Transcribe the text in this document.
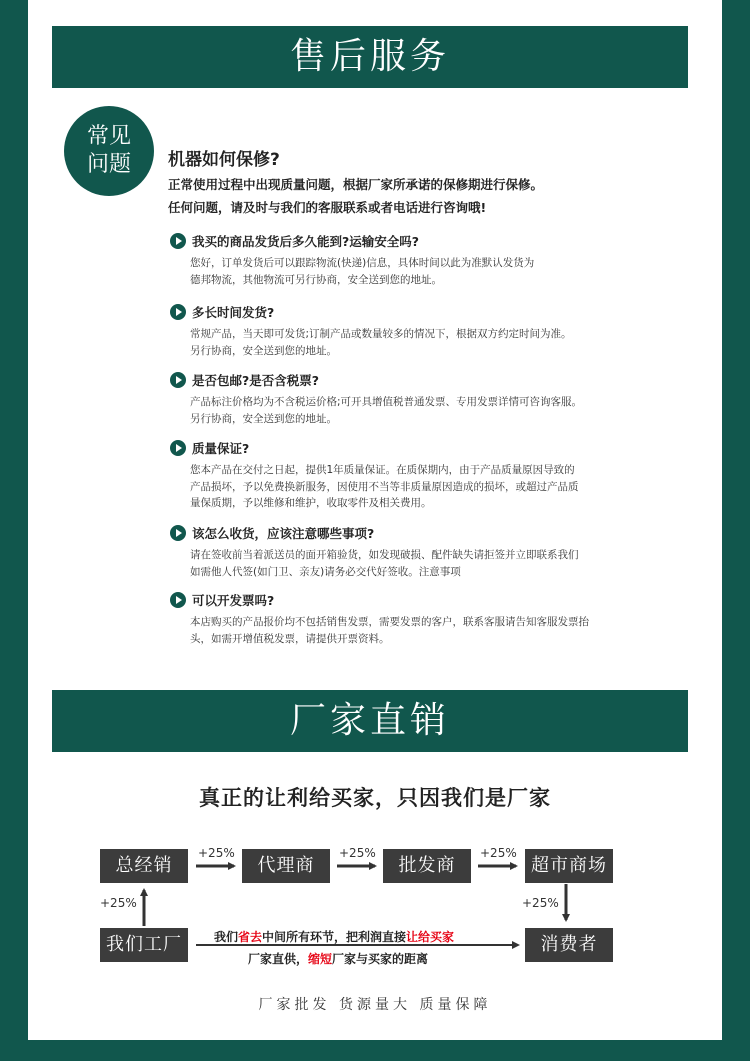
售后服务
常见
问题 机器如何保修?
正常使用过程中出现质量问题，根据厂家所承诺的保修期进行保修。
任何问题，请及时与我们的客服联系或者电话进行咨询哦!
我买的商品发货后多久能到?运输安全吗?
您好，订单发货后可以跟踪物流(快递)信息，具体时间以此为准默认发货为
德邦物流，其他物流可另行协商，安全送到您的地址。
多长时间发货?
常规产品，当天即可发货;订制产品或数量较多的情况下，根据双方约定时间为准。
另行协商，安全送到您的地址。
是否包邮?是否含税票?
产品标注价格均为不含税运价格;可开具增值税普通发票、专用发票详情可咨询客服。
另行协商，安全送到您的地址。
质量保证?
您本产品在交付之日起，提供1年质量保证。在质保期内，由于产品质量原因导致的
产品损坏，予以免费换新服务，因使用不当等非质量原因造成的损坏，或超过产品质
量保质期，予以维修和维护，收取零件及相关费用。
该怎么收货，应该注意哪些事项?
请在签收前当着派送员的面开箱验货，如发现破损、配件缺失请拒签并立即联系我们
如需他人代签(如门卫、亲友)请务必交代好签收。注意事项
可以开发票吗?
本店购买的产品报价均不包括销售发票，需要发票的客户，联系客服请告知客服发票抬
头，如需开增值税发票，请提供开票资料。
厂家直销
真正的让利给买家，只因我们是厂家
总经销	代理商	批发商	超市商场
我们工厂	消费者
+25%	+25%	+25%
+25%	+25%
我们省去中间所有环节，把利润直接让给买家
厂家直供，缩短厂家与买家的距离
厂家批发 货源量大 质量保障
